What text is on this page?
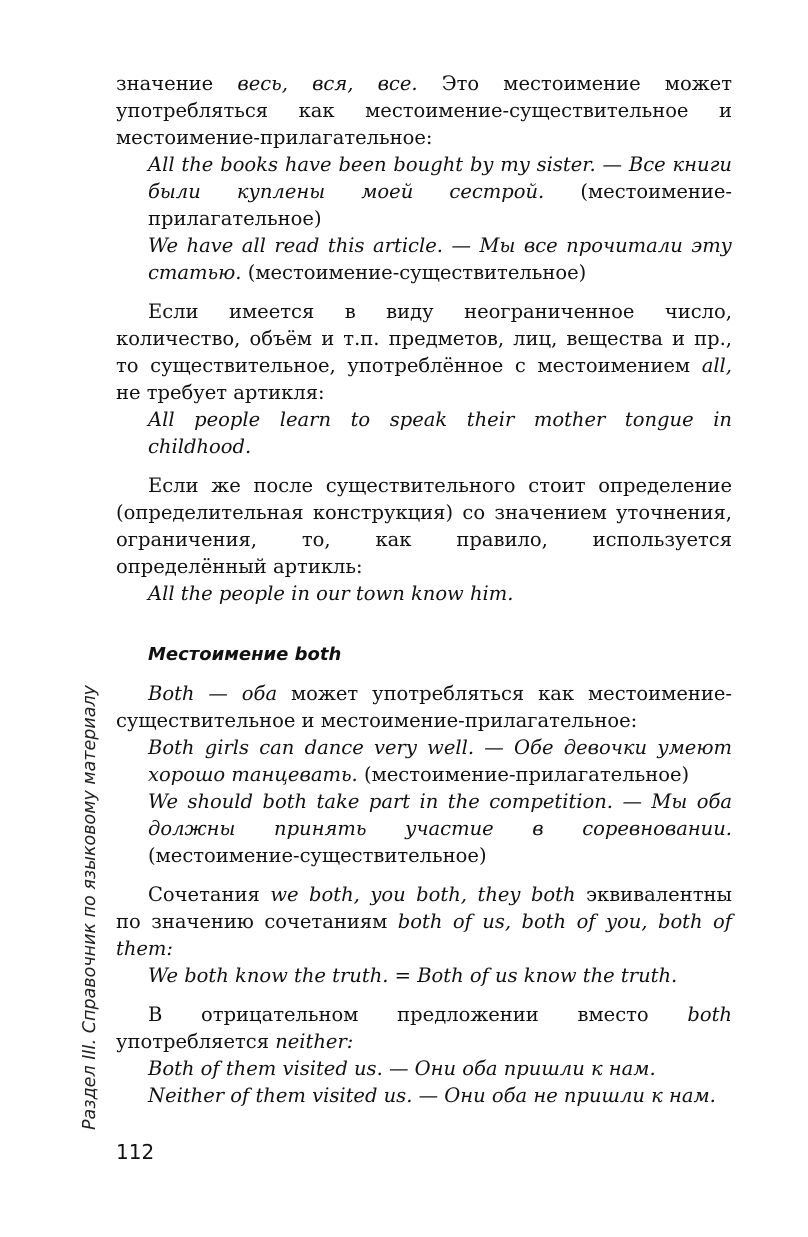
Раздел III. Справочник по языковому материалу

значение весь, вся, все. Это местоимение может употребляться как местоимение-существительное и местоимение-прилагательное:

All the books have been bought by my sister. — Все книги были куплены моей сестрой. (местоимение-прилагательное)

We have all read this article. — Мы все прочитали эту статью. (местоимение-существительное)

Если имеется в виду неограниченное число, количество, объём и т.п. предметов, лиц, вещества и пр., то существительное, употреблённое с местоимением all, не требует артикля:

All people learn to speak their mother tongue in childhood.

Если же после существительного стоит определение (определительная конструкция) со значением уточнения, ограничения, то, как правило, используется определённый артикль:

All the people in our town know him.

Местоимение both

Both — оба может употребляться как местоимение-существительное и местоимение-прилагательное:

Both girls can dance very well. — Обе девочки умеют хорошо танцевать. (местоимение-прилагательное)

We should both take part in the competition. — Мы оба должны принять участие в соревновании. (местоимение-существительное)

Сочетания we both, you both, they both эквивалентны по значению сочетаниям both of us, both of you, both of them:

We both know the truth. = Both of us know the truth.

В отрицательном предложении вместо both употребляется neither:

Both of them visited us. — Они оба пришли к нам.

Neither of them visited us. — Они оба не пришли к нам.

112
